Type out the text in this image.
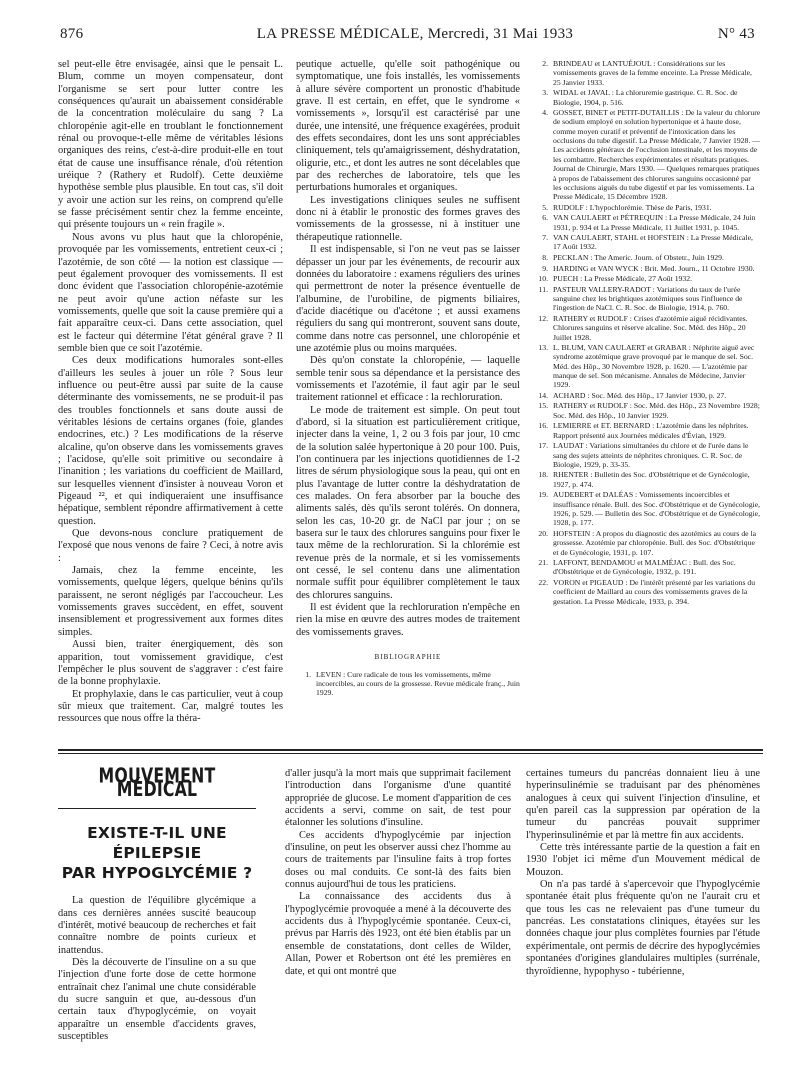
876	LA PRESSE MÉDICALE, Mercredi, 31 Mai 1933	N° 43

sel peut-elle être envisagée, ainsi que le pensait L. Blum, comme un moyen compensateur, dont l'organisme se sert pour lutter contre les conséquences qu'aurait un abaissement considérable de la concentration moléculaire du sang ? La chloropénie agit-elle en troublant le fonctionnement rénal ou provoque-t-elle même de véritables lésions organiques des reins, c'est-à-dire produit-elle en tout état de cause une insuffisance rénale, d'où rétention uréique ? (Rathery et Rudolf). Cette deuxième hypothèse semble plus plausible. En tout cas, s'il doit y avoir une action sur les reins, on comprend qu'elle se fasse précisément sentir chez la femme enceinte, qui présente toujours un « rein fragile ».

Nous avons vu plus haut que la chloropénie, provoquée par les vomissements, entretient ceux-ci ; l'azotémie, de son côté — la notion est classique — peut également provoquer des vomissements. Il est donc évident que l'association chloropénie-azotémie ne peut avoir qu'une action néfaste sur les vomissements, quelle que soit la cause première qui a fait apparaître ceux-ci. Dans cette association, quel est le facteur qui détermine l'état général grave ? Il semble bien que ce soit l'azotémie.

Ces deux modifications humorales sont-elles d'ailleurs les seules à jouer un rôle ? Sous leur influence ou peut-être aussi par suite de la cause déterminante des vomissements, ne se produit-il pas des troubles fonctionnels et sans doute aussi de véritables lésions de certains organes (foie, glandes endocrines, etc.) ? Les modifications de la réserve alcaline, qu'on observe dans les vomissements graves ; l'acidose, qu'elle soit primitive ou secondaire à l'inanition ; les variations du coefficient de Maillard, sur lesquelles viennent d'insister à nouveau Voron et Pigeaud ²², et qui indiqueraient une insuffisance hépatique, semblent répondre affirmativement à cette question.

Que devons-nous conclure pratiquement de l'exposé que nous venons de faire ? Ceci, à notre avis :

Jamais, chez la femme enceinte, les vomissements, quelque légers, quelque bénins qu'ils paraissent, ne seront négligés par l'accoucheur. Les vomissements graves succèdent, en effet, souvent insensiblement et progressivement aux formes dites simples.

Aussi bien, traiter énergiquement, dès son apparition, tout vomissement gravidique, c'est l'empêcher le plus souvent de s'aggraver : c'est faire de la bonne prophylaxie.

Et prophylaxie, dans le cas particulier, veut à coup sûr mieux que traitement. Car, malgré toutes les ressources que nous offre la théra-

peutique actuelle, qu'elle soit pathogénique ou symptomatique, une fois installés, les vomissements à allure sévère comportent un pronostic d'habitude grave. Il est certain, en effet, que le syndrome « vomissements », lorsqu'il est caractérisé par une durée, une intensité, une fréquence exagérées, produit des effets secondaires, dont les uns sont appréciables cliniquement, tels qu'amaigrissement, déshydratation, oligurie, etc., et dont les autres ne sont décelables que par des recherches de laboratoire, tels que les perturbations humorales et organiques.

Les investigations cliniques seules ne suffisent donc ni à établir le pronostic des formes graves des vomissements de la grossesse, ni à instituer une thérapeutique rationnelle.

Il est indispensable, si l'on ne veut pas se laisser dépasser un jour par les événements, de recourir aux données du laboratoire : examens réguliers des urines qui permettront de noter la présence éventuelle de l'albumine, de l'urobiline, de pigments biliaires, d'acide diacétique ou d'acétone ; et aussi examens réguliers du sang qui montreront, souvent sans doute, comme dans notre cas personnel, une chloropénie et une azotémie plus ou moins marquées.

Dès qu'on constate la chloropénie, — laquelle semble tenir sous sa dépendance et la persistance des vomissements et l'azotémie, il faut agir par le seul traitement rationnel et efficace : la rechloruration.

Le mode de traitement est simple. On peut tout d'abord, si la situation est particulièrement critique, injecter dans la veine, 1, 2 ou 3 fois par jour, 10 cmc de la solution salée hypertonique à 20 pour 100. Puis, l'on continuera par les injections quotidiennes de 1-2 litres de sérum physiologique sous la peau, qui ont en plus l'avantage de lutter contre la déshydratation de ces malades. On fera absorber par la bouche des aliments salés, dès qu'ils seront tolérés. On donnera, selon les cas, 10-20 gr. de NaCl par jour ; on se basera sur le taux des chlorures sanguins pour fixer le taux même de la rechloruration. Si la chlorémie est revenue près de la normale, et si les vomissements ont cessé, le sel contenu dans une alimentation normale suffit pour équilibrer complètement le taux des chlorures sanguins.

Il est évident que la rechloruration n'empêche en rien la mise en œuvre des autres modes de traitement des vomissements graves.

BIBLIOGRAPHIE
1. LEVEN : Cure radicale de tous les vomissements, même incoercibles, au cours de la grossesse. Revue médicale franç., Juin 1929.
2. BRINDEAU et LANTUÉJOUL : Considérations sur les vomissements graves de la femme enceinte. La Presse Médicale, 25 Janvier 1933.
3. WIDAL et JAVAL : La chloruremie gastrique. C. R. Soc. de Biologie, 1904, p. 516.
4. GOSSET, BINET et PETIT-DUTAILLIS : De la valeur du chlorure de sodium employé en solution hypertonique et à haute dose, comme moyen curatif et préventif de l'intoxication dans les occlusions du tube digestif. La Presse Médicale, 7 Janvier 1928. — Les accidents généraux de l'occlusion intestinale, et les moyens de les combattre. Recherches expérimentales et résultats pratiques. Journal de Chirurgie, Mars 1930. — Quelques remarques pratiques à propos de l'abaissement des chlorures sanguins occasionné par les occlusions aiguës du tube digestif et par les vomissements. La Presse Médicale, 15 Décembre 1928.
5. RUDOLF : L'hypochlorémie. Thèse de Paris, 1931.
6. VAN CAULAERT et PÉTREQUIN : La Presse Médicale, 24 Juin 1931, p. 934 et La Presse Médicale, 11 Juillet 1931, p. 1045.
7. VAN CAULAERT, STAHL et HOFSTEIN : La Presse Médicale, 17 Août 1932.
8. PECKLAN : The Americ. Journ. of Obstetr., Juin 1929.
9. HARDING et VAN WYCK : Brit. Med. Journ., 11 Octobre 1930.
10. PUECH : La Presse Médicale, 27 Août 1932.
11. PASTEUR VALLERY-RADOT : Variations du taux de l'urée sanguine chez les brightiques azotémiques sous l'influence de l'ingestion de NaCl. C. R. Soc. de Biologie, 1914, p. 760.
12. RATHERY et RUDOLF : Crises d'azotémie aiguë récidivantes. Chlorures sanguins et réserve alcaline. Soc. Méd. des Hôp., 20 Juillet 1928.
13. L. BLUM, VAN CAULAERT et GRABAR : Néphrite aiguë avec syndrome azotémique grave provoqué par le manque de sel. Soc. Méd. des Hôp., 30 Novembre 1928, p. 1620. — L'azotémie par manque de sel. Son mécanisme. Annales de Médecine, Janvier 1929.
14. ACHARD : Soc. Méd. des Hôp., 17 Janvier 1930, p. 27.
15. RATHERY et RUDOLF : Soc. Méd. des Hôp., 23 Novembre 1928; Soc. Méd. des Hôp., 10 Janvier 1929.
16. LEMIERRE et ET. BERNARD : L'azotémie dans les néphrites. Rapport présenté aux Journées médicales d'Évian, 1929.
17. LAUDAT : Variations simultanées du chlore et de l'urée dans le sang des sujets atteints de néphrites chroniques. C. R. Soc. de Biologie, 1929, p. 33-35.
18. RHENTER : Bulletin des Soc. d'Obstétrique et de Gynécologie, 1927, p. 474.
19. AUDEBERT et DALÉAS : Vomissements incoercibles et insuffisance rénale. Bull. des Soc. d'Obstétrique et de Gynécologie, 1926, p. 529. — Bulletin des Soc. d'Obstétrique et de Gynécologie, 1928, p. 177.
20. HOFSTEIN : A propos du diagnostic des azotémics au cours de la grossesse. Azotémie par chloropénie. Bull. des Soc. d'Obstétrique et de Gynécologie, 1931, p. 107.
21. LAFFONT, BENDAMOU et MALMÉJAC : Bull. des Soc. d'Obstétrique et de Gynécologie, 1932, p. 191.
22. VORON et PIGEAUD : De l'intérêt présenté par les variations du coefficient de Maillard au cours des vomissements graves de la gestation. La Presse Médicale, 1933, p. 394.
MOUVEMENT MÉDICAL
EXISTE-T-IL UNE ÉPILEPSIE
PAR HYPOGLYCÉMIE ?

La question de l'équilibre glycémique a dans ces dernières années suscité beaucoup d'intérêt, motivé beaucoup de recherches et fait connaître nombre de points curieux et inattendus.

Dès la découverte de l'insuline on a su que l'injection d'une forte dose de cette hormone entraînait chez l'animal une chute considérable du sucre sanguin et que, au-dessous d'un certain taux d'hypoglycémie, on voyait apparaître un ensemble d'accidents graves, susceptibles

d'aller jusqu'à la mort mais que supprimait facilement l'introduction dans l'organisme d'une quantité appropriée de glucose. Le moment d'apparition de ces accidents a servi, comme on sait, de test pour étalonner les solutions d'insuline.

Ces accidents d'hypoglycémie par injection d'insuline, on peut les observer aussi chez l'homme au cours de traitements par l'insuline faits à trop fortes doses ou mal conduits. Ce sont-là des faits bien connus aujourd'hui de tous les praticiens.

La connaissance des accidents dus à l'hypoglycémie provoquée a mené à la découverte des accidents dus à l'hypoglycémie spontanée. Ceux-ci, prévus par Harris dès 1923, ont été bien établis par un ensemble de constatations, dont celles de Wilder, Allan, Power et Robertson ont été les premières en date, et qui ont montré que

certaines tumeurs du pancréas donnaient lieu à une hyperinsulinémie se traduisant par des phénomènes analogues à ceux qui suivent l'injection d'insuline, et qu'en pareil cas la suppression par opération de la tumeur du pancréas pouvait supprimer l'hyperinsulinémie et par là mettre fin aux accidents.

Cette très intéressante partie de la question a fait en 1930 l'objet ici même d'un Mouvement médical de Mouzon.

On n'a pas tardé à s'apercevoir que l'hypoglycémie spontanée était plus fréquente qu'on ne l'aurait cru et que tous les cas ne relevaient pas d'une tumeur du pancréas. Les constatations cliniques, étayées sur les données chaque jour plus complètes fournies par l'étude expérimentale, ont permis de décrire des hypoglycémies spontanées d'origines glandulaires multiples (surrénale, thyroïdienne, hypophyso - tubérienne,
